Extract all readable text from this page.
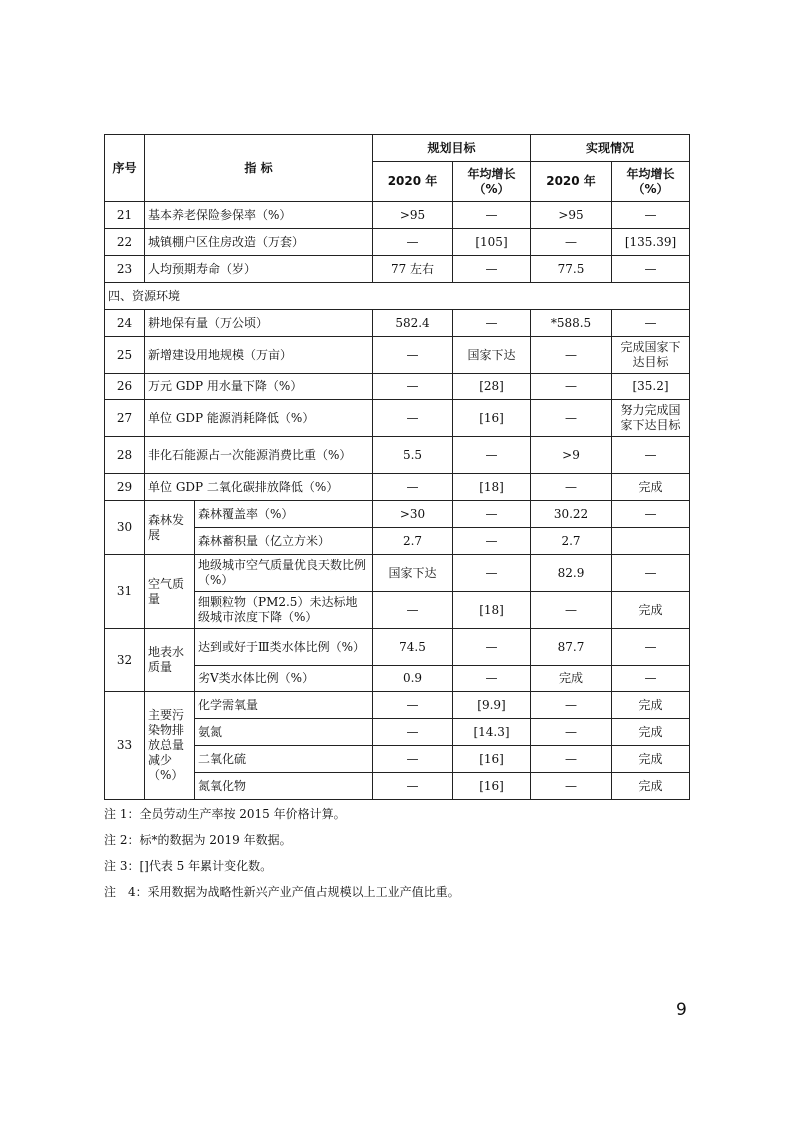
序号	指 标		规划目标		实现情况	
			2020 年	年均增长（%）	2020 年	年均增长（%）
21	基本养老保险参保率（%）		>95	—	>95	—
22	城镇棚户区住房改造（万套）		—	[105]	—	[135.39]
23	人均预期寿命（岁）		77 左右	—	77.5	—
四、资源环境						
24	耕地保有量（万公顷）		582.4	—	*588.5	—
25	新增建设用地规模（万亩）		—	国家下达	—	完成国家下达目标
26	万元 GDP 用水量下降（%）		—	[28]	—	[35.2]
27	单位 GDP 能源消耗降低（%）		—	[16]	—	努力完成国家下达目标
28	非化石能源占一次能源消费比重（%）		5.5	—	>9	—
29	单位 GDP 二氧化碳排放降低（%）		—	[18]	—	完成
30	森林发展	森林覆盖率（%）	>30	—	30.22	—
		森林蓄积量（亿立方米）	2.7	—	2.7	
31	空气质量	地级城市空气质量优良天数比例（%）	国家下达	—	82.9	—
		细颗粒物（PM2.5）未达标地级城市浓度下降（%）	—	[18]	—	完成
32	地表水质量	达到或好于Ⅲ类水体比例（%）	74.5	—	87.7	—
		劣Ⅴ类水体比例（%）	0.9	—	完成	—
33	主要污染物排放总量减少（%）	化学需氧量	—	[9.9]	—	完成
		氨氮	—	[14.3]	—	完成
		二氧化硫	—	[16]	—	完成
		氮氧化物	—	[16]	—	完成
注 1：全员劳动生产率按 2015 年价格计算。
注 2：标*的数据为 2019 年数据。
注 3：[]代表 5 年累计变化数。
注　4：采用数据为战略性新兴产业产值占规模以上工业产值比重。
9
